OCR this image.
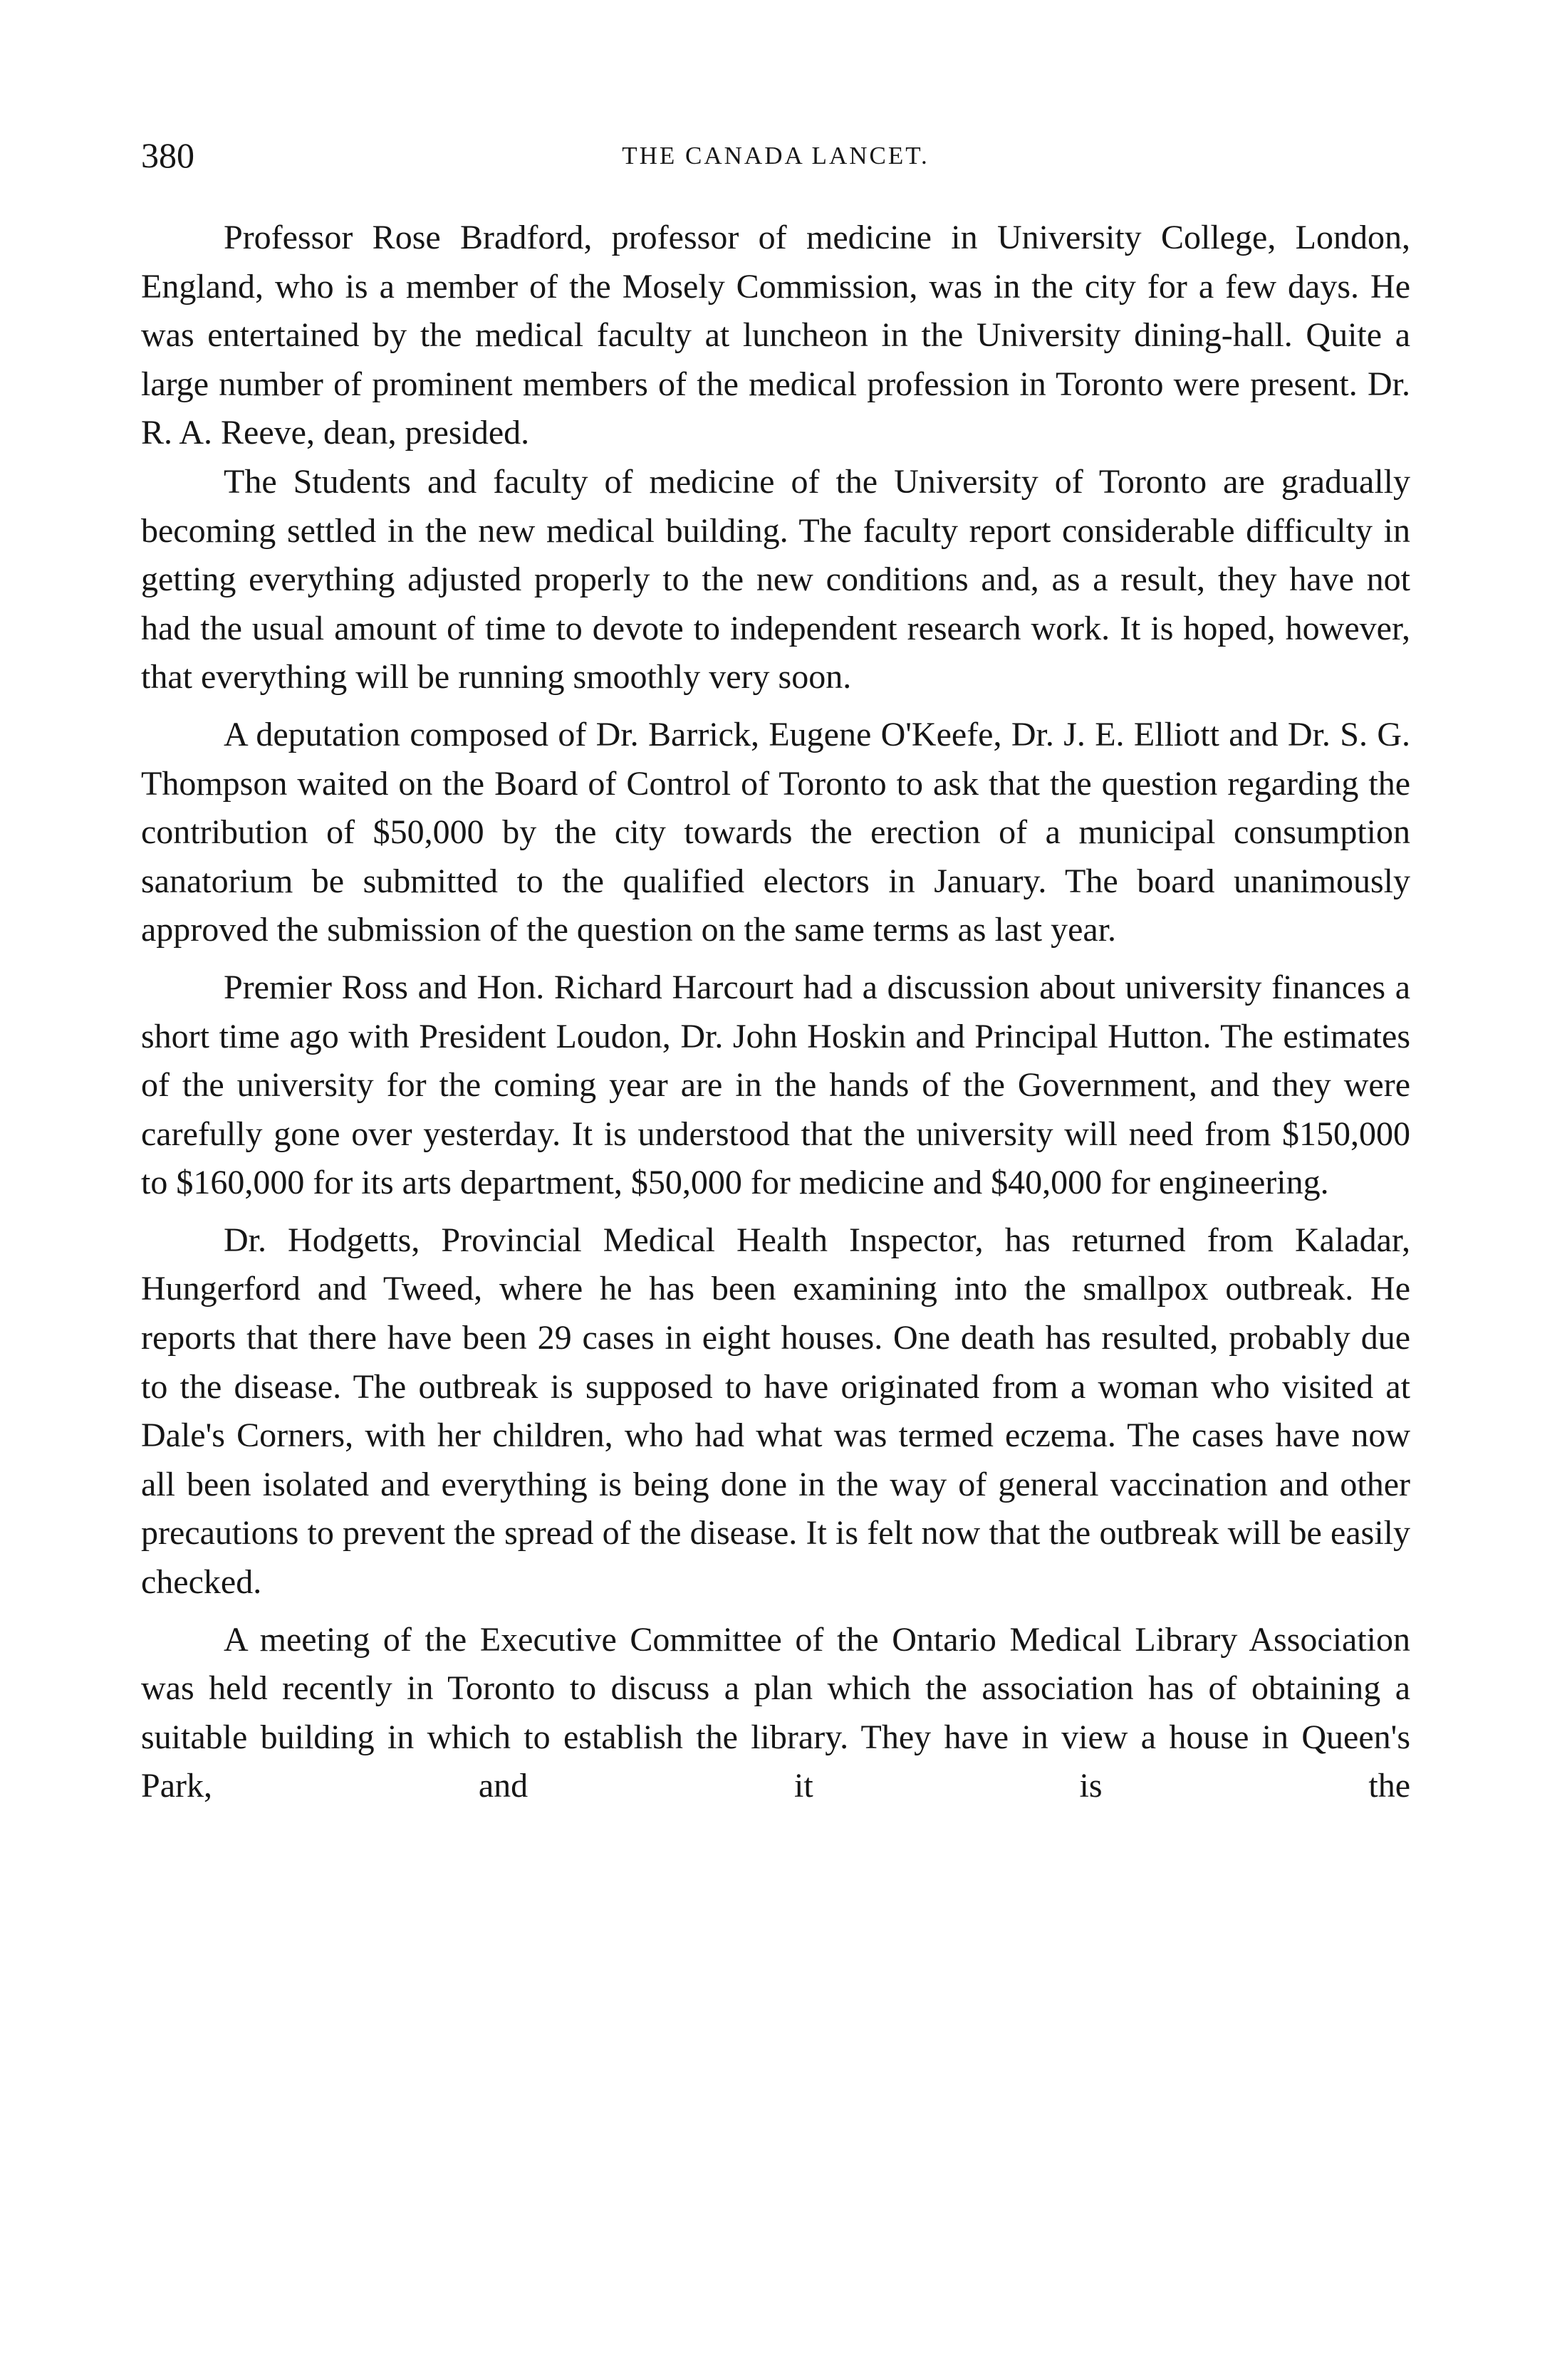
380	THE CANADA LANCET.

Professor Rose Bradford, professor of medicine in University College, London, England, who is a member of the Mosely Commission, was in the city for a few days. He was entertained by the medical faculty at luncheon in the University dining-hall. Quite a large number of prominent members of the medical profession in Toronto were present. Dr. R. A. Reeve, dean, presided.

The Students and faculty of medicine of the University of Toronto are gradually becoming settled in the new medical building. The faculty report considerable difficulty in getting everything adjusted properly to the new conditions and, as a result, they have not had the usual amount of time to devote to independent research work. It is hoped, however, that everything will be running smoothly very soon.

A deputation composed of Dr. Barrick, Eugene O'Keefe, Dr. J. E. Elliott and Dr. S. G. Thompson waited on the Board of Control of Toronto to ask that the question regarding the contribution of $50,000 by the city towards the erection of a municipal consumption sanatorium be submitted to the qualified electors in January. The board unanimously approved the submission of the question on the same terms as last year.

Premier Ross and Hon. Richard Harcourt had a discussion about university finances a short time ago with President Loudon, Dr. John Hoskin and Principal Hutton. The estimates of the university for the coming year are in the hands of the Government, and they were carefully gone over yesterday. It is understood that the university will need from $150,000 to $160,000 for its arts department, $50,000 for medicine and $40,000 for engineering.

Dr. Hodgetts, Provincial Medical Health Inspector, has returned from Kaladar, Hungerford and Tweed, where he has been examining into the smallpox outbreak. He reports that there have been 29 cases in eight houses. One death has resulted, probably due to the disease. The outbreak is supposed to have originated from a woman who visited at Dale's Corners, with her children, who had what was termed eczema. The cases have now all been isolated and everything is being done in the way of general vaccination and other precautions to prevent the spread of the disease. It is felt now that the outbreak will be easily checked.

A meeting of the Executive Committee of the Ontario Medical Library Association was held recently in Toronto to discuss a plan which the association has of obtaining a suitable building in which to establish the library. They have in view a house in Queen's Park, and it is the
